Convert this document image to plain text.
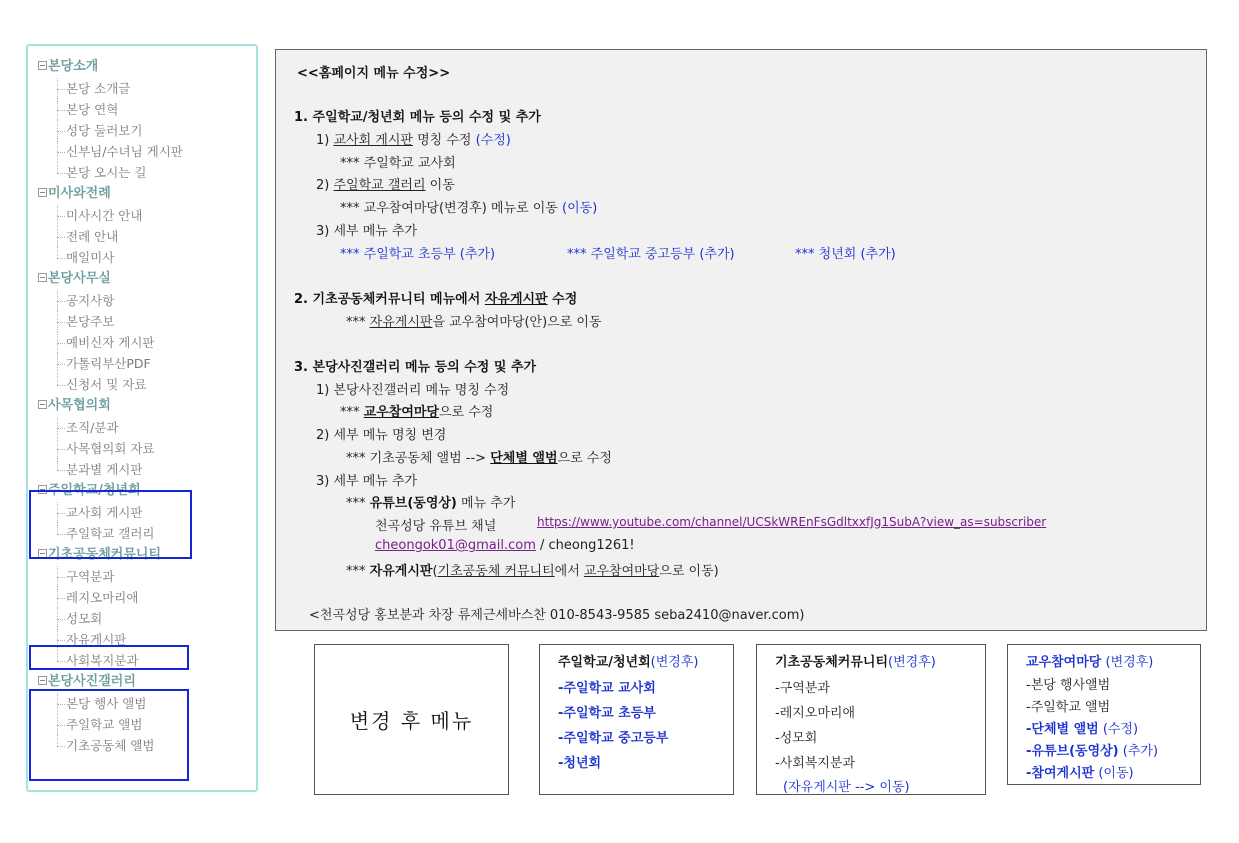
본당소개
본당 소개글
본당 연혁
성당 둘러보기
신부님/수녀님 게시판
본당 오시는 길
미사와전례
미사시간 안내
전례 안내
매일미사
본당사무실
공지사항
본당주보
예비신자 게시판
가톨릭부산PDF
신청서 및 자료
사목협의회
조직/분과
사목협의회 자료
분과별 게시판
주일학교/청년회
교사회 게시판
주일학교 갤러리
기초공동체커뮤니티
구역분과
레지오마리애
성모회
자유게시판
사회복지분과
본당사진갤러리
본당 행사 앨범
주일학교 앨범
기초공동체 앨범
<<홈페이지 메뉴 수정>>
1. 주일학교/청년회 메뉴 등의 수정 및 추가
1) 교사회 게시판 명칭 수정 (수정)
*** 주일학교 교사회
2) 주일학교 갤러리 이동
*** 교우참여마당(변경후) 메뉴로 이동 (이동)
3) 세부 메뉴 추가
*** 주일학교 초등부 (추가)	*** 주일학교 중고등부 (추가)	*** 청년회 (추가)
2. 기초공동체커뮤니티 메뉴에서 자유게시판 수정
*** 자유게시판을 교우참여마당(안)으로 이동
3. 본당사진갤러리 메뉴 등의 수정 및 추가
1) 본당사진갤러리 메뉴 명칭 수정
*** 교우참여마당으로 수정
2) 세부 메뉴 명칭 변경
*** 기초공동체 앨범 --> 단체별 앨범으로 수정
3) 세부 메뉴 추가
*** 유튜브(동영상) 메뉴 추가
천곡성당 유튜브 채널	https://www.youtube.com/channel/UCSkWREnFsGdltxxfJg1SubA?view_as=subscriber
cheongok01@gmail.com / cheong1261!
*** 자유게시판(기초공동체 커뮤니티에서 교우참여마당으로 이동)
<천곡성당 홍보분과 차장 류제근세바스찬 010-8543-9585 seba2410@naver.com)
변경 후 메뉴
주일학교/청년회(변경후)
-주일학교 교사회
-주일학교 초등부
-주일학교 중고등부
-청년회
기초공동체커뮤니티(변경후)
-구역분과
-레지오마리애
-성모회
-사회복지분과
(자유게시판 --> 이동)
교우참여마당 (변경후)
-본당 행사앨범
-주일학교 앨범
-단체별 앨범 (수정)
-유튜브(동영상) (추가)
-참여게시판 (이동)
